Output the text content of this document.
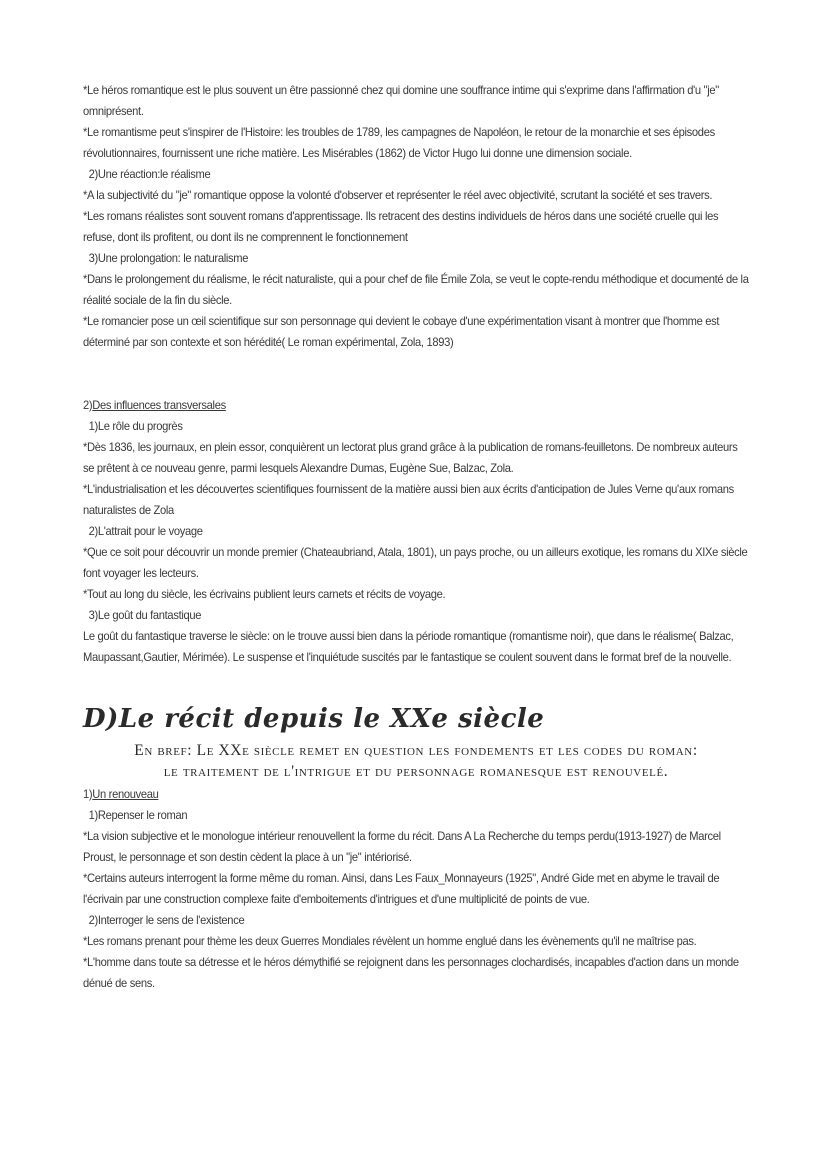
*Le héros romantique est le plus souvent un être passionné chez qui domine une souffrance intime qui s'exprime dans l'affirmation d'u "je" omniprésent.

*Le romantisme peut s'inspirer de l'Histoire: les troubles de 1789, les campagnes de Napoléon, le retour de la monarchie et ses épisodes révolutionnaires, fournissent une riche matière. Les Misérables (1862) de Victor Hugo lui donne une dimension sociale.

2)Une réaction:le réalisme

*A la subjectivité du "je" romantique oppose la volonté d'observer et représenter le réel avec objectivité, scrutant la société et ses travers.

*Les romans réalistes sont souvent romans d'apprentissage. Ils retracent des destins individuels de héros dans une société cruelle qui les refuse, dont ils profitent, ou dont ils ne comprennent le fonctionnement

3)Une prolongation: le naturalisme

*Dans le prolongement du réalisme, le récit naturaliste, qui a pour chef de file Émile Zola, se veut le copte-rendu méthodique et documenté de la réalité sociale de la fin du siècle.

*Le romancier pose un œil scientifique sur son personnage qui devient le cobaye d'une expérimentation visant à montrer que l'homme est déterminé par son contexte et son hérédité( Le roman expérimental, Zola, 1893)

2)Des influences transversales

1)Le rôle du progrès

*Dès 1836, les journaux, en plein essor, conquièrent un lectorat plus grand grâce à la publication de romans-feuilletons. De nombreux auteurs se prêtent à ce nouveau genre, parmi lesquels Alexandre Dumas, Eugène Sue, Balzac, Zola.

*L'industrialisation et les découvertes scientifiques fournissent de la matière aussi bien aux écrits d'anticipation de Jules Verne qu'aux romans naturalistes de Zola

2)L'attrait pour le voyage

*Que ce soit pour découvrir un monde premier (Chateaubriand, Atala, 1801), un pays proche, ou un ailleurs exotique, les romans du XIXe siècle font voyager les lecteurs.

*Tout au long du siècle, les écrivains publient leurs carnets et récits de voyage.

3)Le goût du fantastique

Le goût du fantastique traverse le siècle: on le trouve aussi bien dans la période romantique (romantisme noir), que dans le réalisme( Balzac, Maupassant,Gautier, Mérimée). Le suspense et l'inquiétude suscités par le fantastique se coulent souvent dans le format bref de la nouvelle.

D)Le récit depuis le XXe siècle
En bref: Le XXe siècle remet en question les fondements et les codes du roman:
le traitement de l'intrigue et du personnage romanesque est renouvelé.

1)Un renouveau

1)Repenser le roman

*La vision subjective et le monologue intérieur renouvellent la forme du récit. Dans A La Recherche du temps perdu(1913-1927) de Marcel Proust, le personnage et son destin cèdent la place à un "je" intériorisé.

*Certains auteurs interrogent la forme même du roman. Ainsi, dans Les Faux_Monnayeurs (1925", André Gide met en abyme le travail de l'écrivain par une construction complexe faite d'emboitements d'intrigues et d'une multiplicité de points de vue.

2)Interroger le sens de l'existence

*Les romans prenant pour thème les deux Guerres Mondiales révèlent un homme englué dans les évènements qu'il ne maîtrise pas.

*L'homme dans toute sa détresse et le héros démythifié se rejoignent dans les personnages clochardisés, incapables d'action dans un monde dénué de sens.
